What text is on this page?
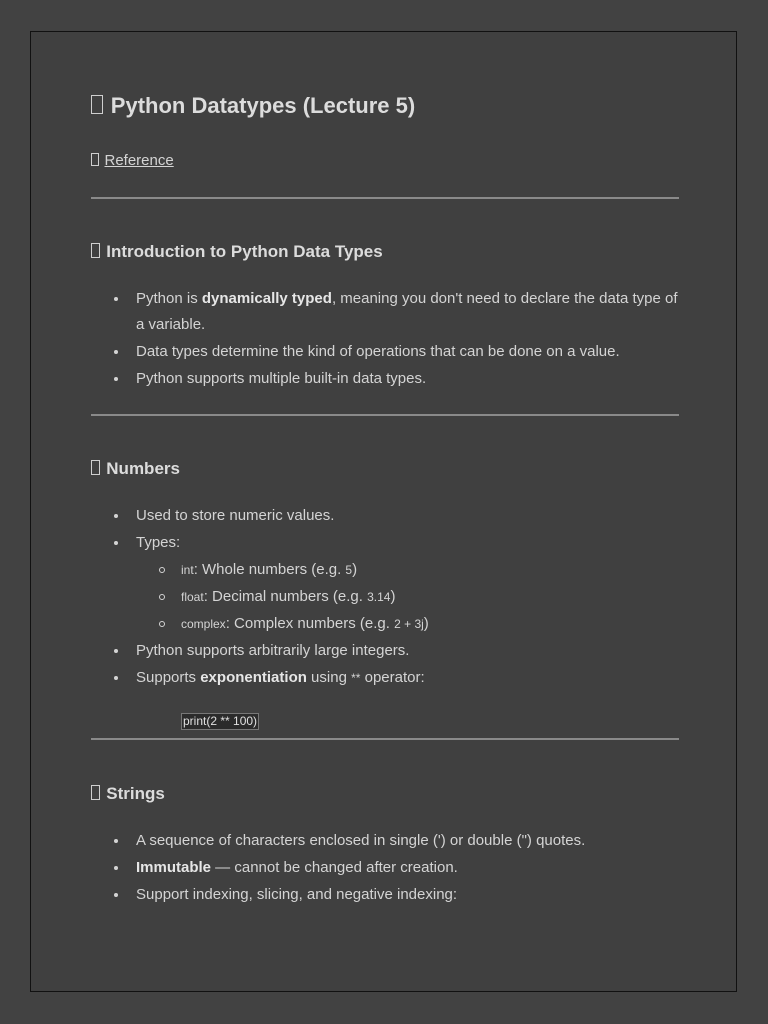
Python Datatypes (Lecture 5)
Reference
Introduction to Python Data Types
Python is dynamically typed, meaning you don't need to declare the data type of a variable.
Data types determine the kind of operations that can be done on a value.
Python supports multiple built-in data types.
Numbers
Used to store numeric values.
Types:
int: Whole numbers (e.g. 5)
float: Decimal numbers (e.g. 3.14)
complex: Complex numbers (e.g. 2 + 3j)
Python supports arbitrarily large integers.
Supports exponentiation using ** operator:
print(2 ** 100)
Strings
A sequence of characters enclosed in single (') or double (") quotes.
Immutable — cannot be changed after creation.
Support indexing, slicing, and negative indexing:
